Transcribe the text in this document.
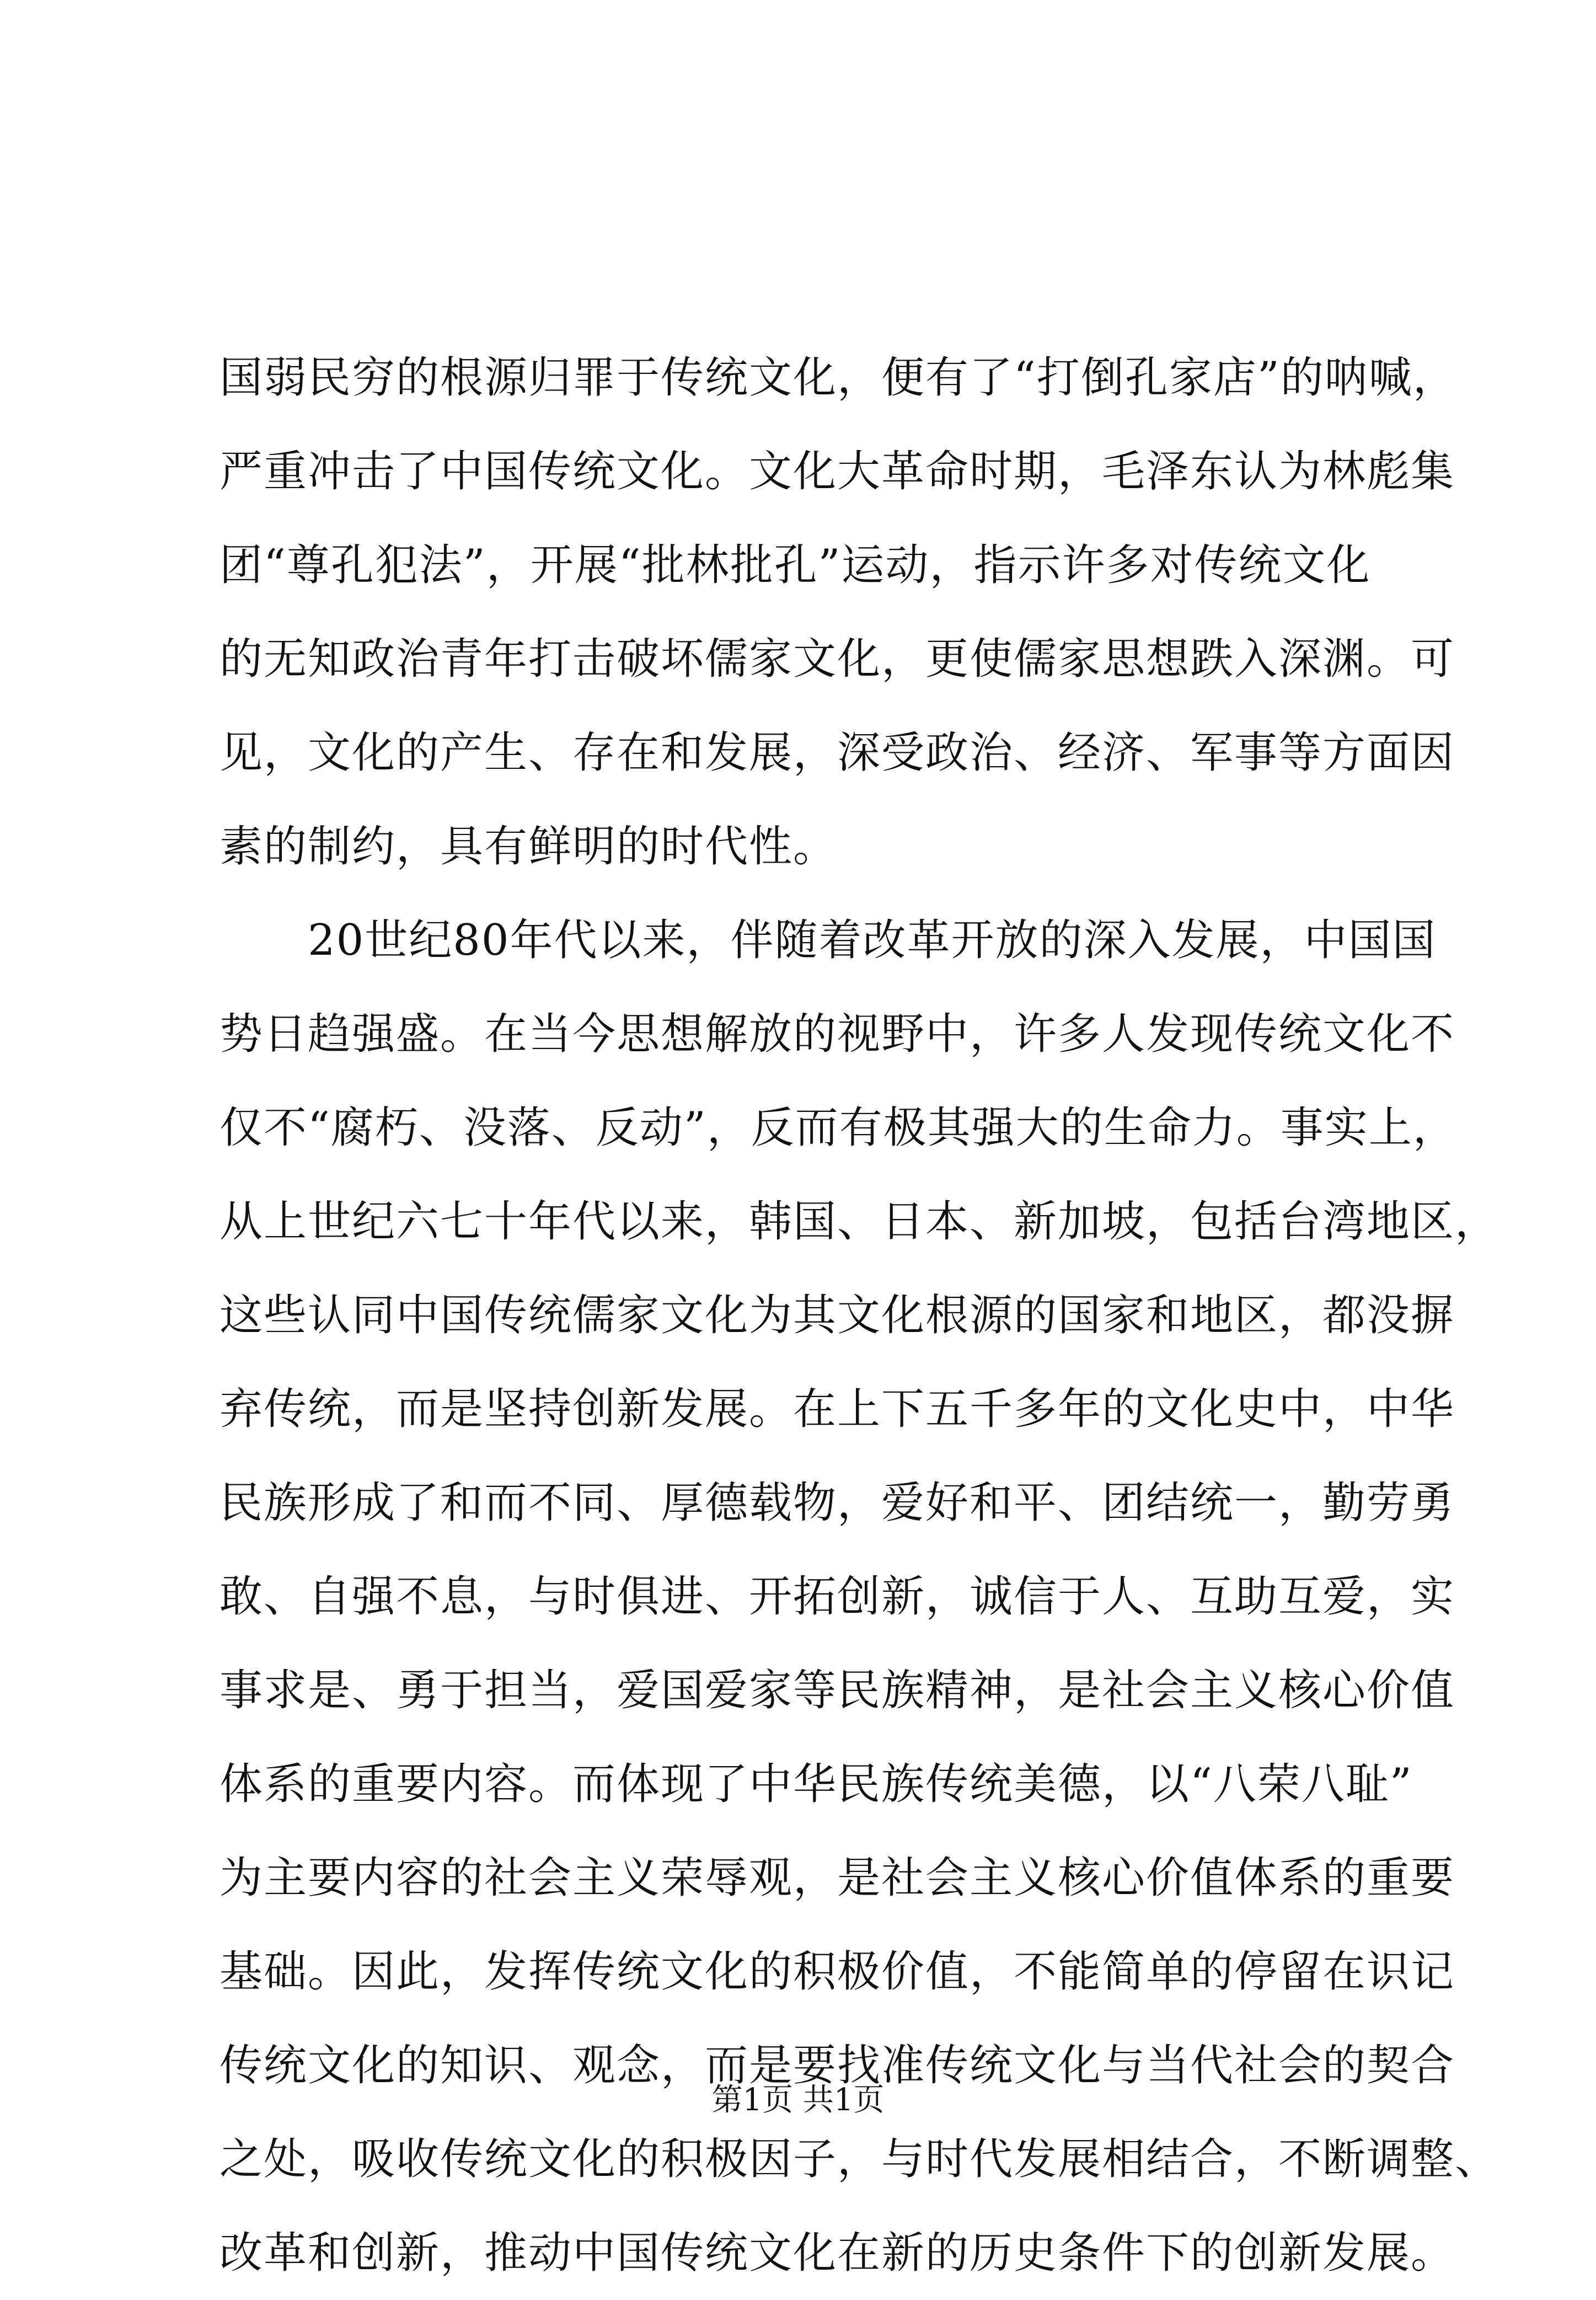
国弱民穷的根源归罪于传统文化，便有了“打倒孔家店”的呐喊，
严重冲击了中国传统文化。文化大革命时期，毛泽东认为林彪集
团“尊孔犯法”，开展“批林批孔”运动，指示许多对传统文化
的无知政治青年打击破坏儒家文化，更使儒家思想跌入深渊。可
见，文化的产生、存在和发展，深受政治、经济、军事等方面因
素的制约，具有鲜明的时代性。
　　20世纪80年代以来，伴随着改革开放的深入发展，中国国
势日趋强盛。在当今思想解放的视野中，许多人发现传统文化不
仅不“腐朽、没落、反动”，反而有极其强大的生命力。事实上，
从上世纪六七十年代以来，韩国、日本、新加坡，包括台湾地区，
这些认同中国传统儒家文化为其文化根源的国家和地区，都没摒
弃传统，而是坚持创新发展。在上下五千多年的文化史中，中华
民族形成了和而不同、厚德载物，爱好和平、团结统一，勤劳勇
敢、自强不息，与时俱进、开拓创新，诚信于人、互助互爱，实
事求是、勇于担当，爱国爱家等民族精神，是社会主义核心价值
体系的重要内容。而体现了中华民族传统美德，以“八荣八耻”
为主要内容的社会主义荣辱观，是社会主义核心价值体系的重要
基础。因此，发挥传统文化的积极价值，不能简单的停留在识记
传统文化的知识、观念，而是要找准传统文化与当代社会的契合
之处，吸收传统文化的积极因子，与时代发展相结合，不断调整、
改革和创新，推动中国传统文化在新的历史条件下的创新发展。
第1页 共1页
